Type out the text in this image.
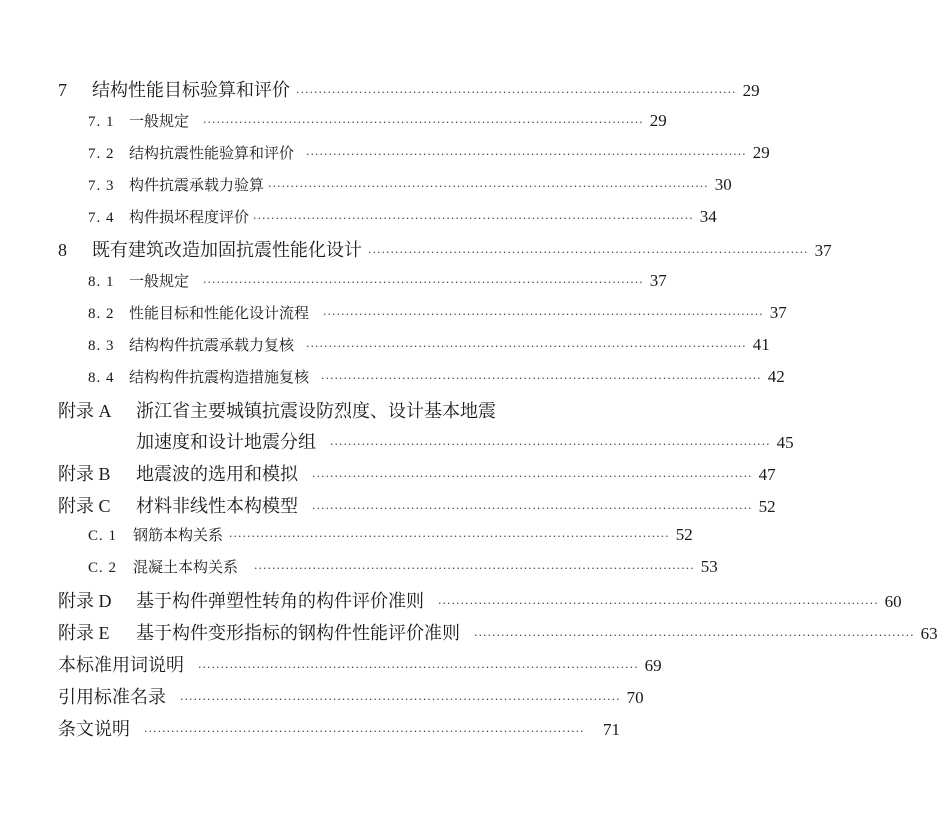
7	结构性能目标验算和评价 ·································································································· 29
7. 1 一般规定 ·································································································· 29
7. 2 结构抗震性能验算和评价 ·································································································· 29
7. 3 构件抗震承载力验算 ·································································································· 30
7. 4 构件损坏程度评价 ·································································································· 34
8	既有建筑改造加固抗震性能化设计 ·································································································· 37
8. 1 一般规定 ·································································································· 37
8. 2 性能目标和性能化设计流程 ·································································································· 37
8. 3 结构构件抗震承载力复核 ·································································································· 41
8. 4 结构构件抗震构造措施复核 ·································································································· 42
附录 A	浙江省主要城镇抗震设防烈度、设计基本地震
加速度和设计地震分组 ·································································································· 45
附录 B	地震波的选用和模拟 ·································································································· 47
附录 C	材料非线性本构模型 ·································································································· 52
C. 1	钢筋本构关系 ·································································································· 52
C. 2	混凝土本构关系 ·································································································· 53
附录 D	基于构件弹塑性转角的构件评价准则 ·································································································· 60
附录 E	基于构件变形指标的钢构件性能评价准则 ·································································································· 63
本标准用词说明 ·································································································· 69
引用标准名录 ·································································································· 70
条文说明 ··································································································	71
